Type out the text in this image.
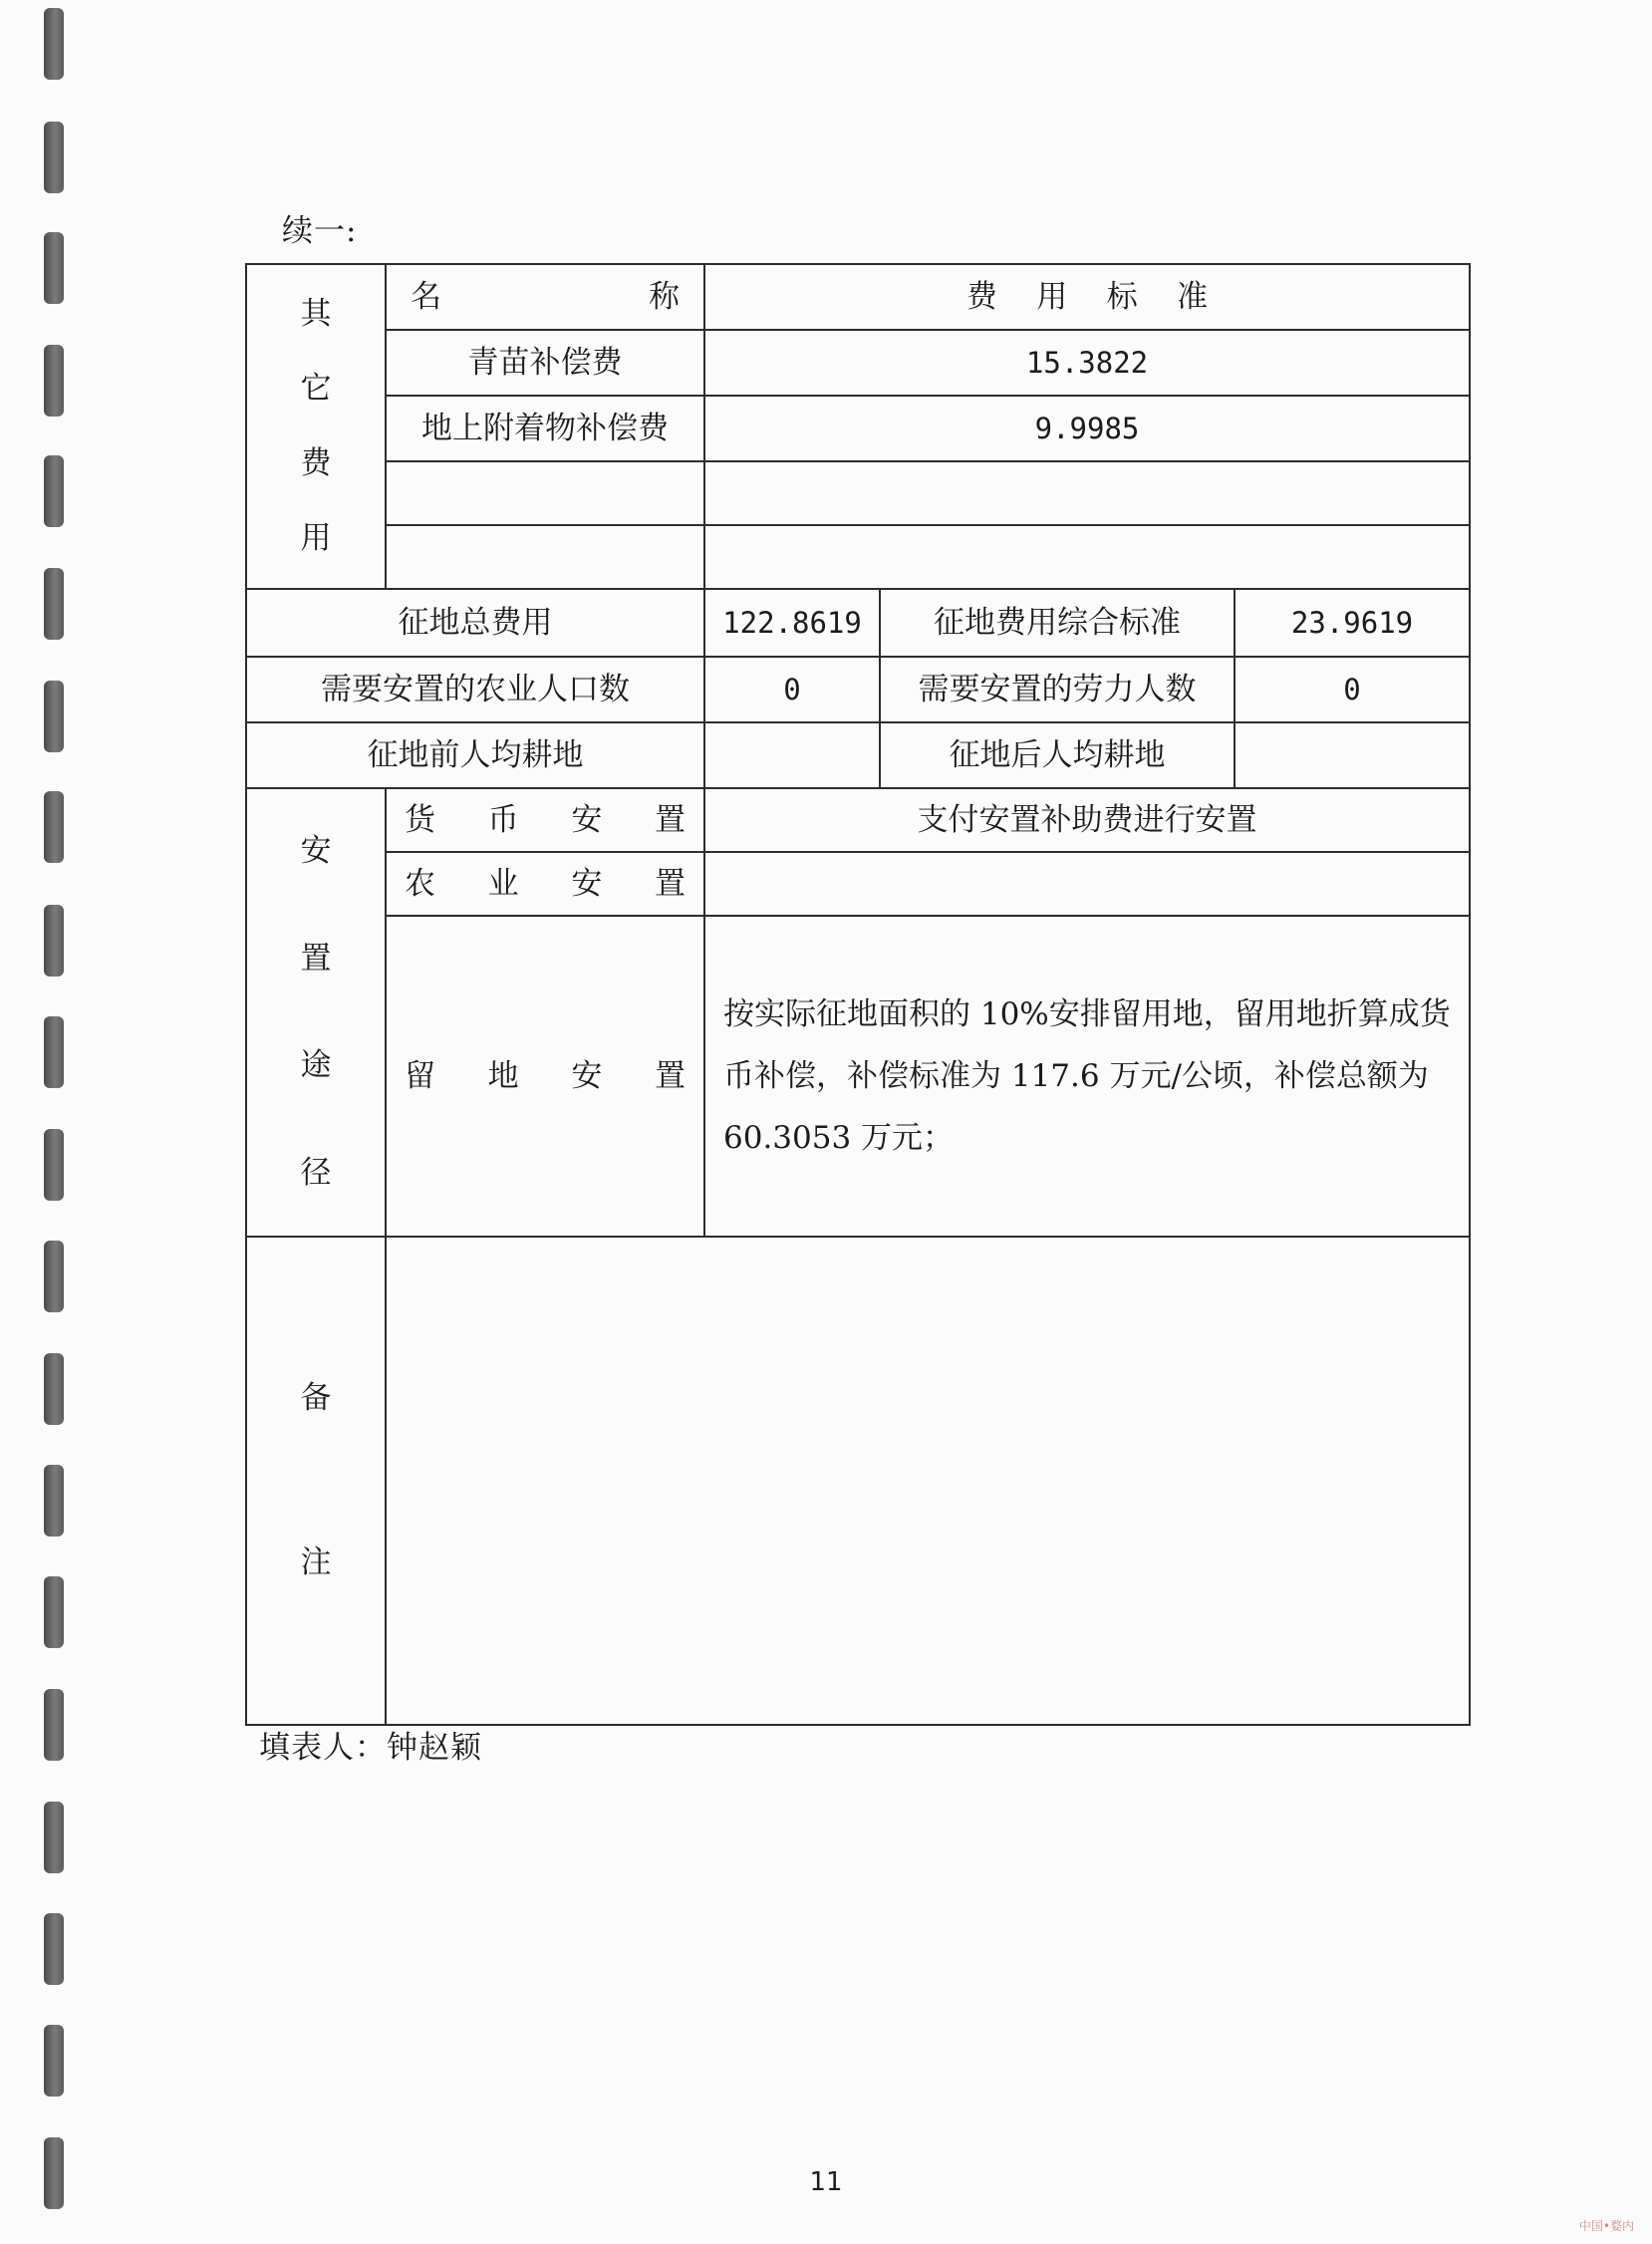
续一:
其
它
费
用	名 称	费 用 标 准		
	青苗补偿费	15.3822		
	地上附着物补偿费	9.9985		

征地总费用		122.8619	征地费用综合标准	23.9619
需要安置的农业人口数		0	需要安置的劳力人数	0
征地前人均耕地			征地后人均耕地	

安
置
途
径	货 币 安 置	支付安置补助费进行安置		

	农 业 安 置			

	留 地 安 置	按实际征地面积的 10%安排留用地，留用地折算成货币补偿，补偿标准为 117.6 万元/公顷，补偿总额为 60.3053 万元；		

备
注				

填表人：钟赵颖
11
中国•婺内
